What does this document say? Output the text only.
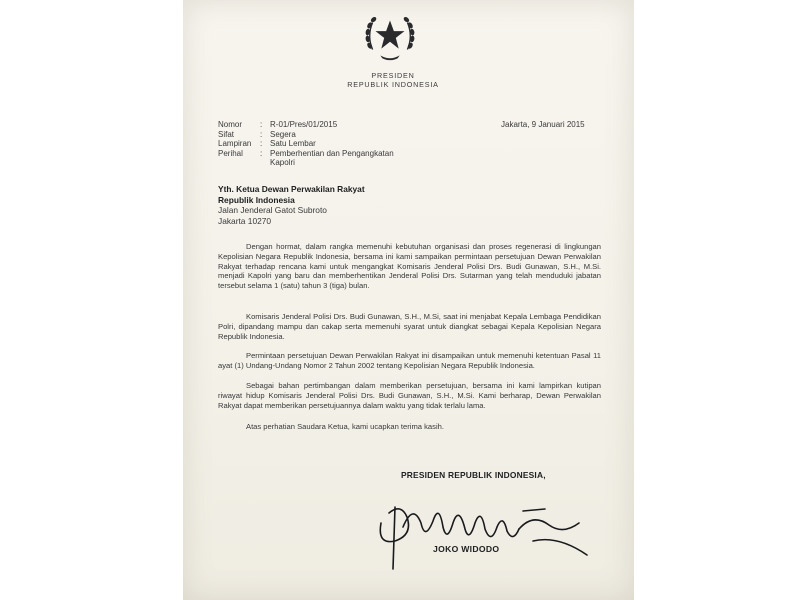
PRESIDEN
REPUBLIK INDONESIA
Jakarta, 9 Januari 2015
Nomor	: R-01/Pres/01/2015
Sifat	: Segera
Lampiran	: Satu Lembar
Perihal	: Pemberhentian dan Pengangkatan
Kapolri
Yth. Ketua Dewan Perwakilan Rakyat
Republik Indonesia
Jalan Jenderal Gatot Subroto
Jakarta 10270

Dengan hormat, dalam rangka memenuhi kebutuhan organisasi dan proses regenerasi di lingkungan Kepolisian Negara Republik Indonesia, bersama ini kami sampaikan permintaan persetujuan Dewan Perwakilan Rakyat terhadap rencana kami untuk mengangkat Komisaris Jenderal Polisi Drs. Budi Gunawan, S.H., M.Si. menjadi Kapolri yang baru dan memberhentikan Jenderal Polisi Drs. Sutarman yang telah menduduki jabatan tersebut selama 1 (satu) tahun 3 (tiga) bulan.

Komisaris Jenderal Polisi Drs. Budi Gunawan, S.H., M.Si, saat ini menjabat Kepala Lembaga Pendidikan Polri, dipandang mampu dan cakap serta memenuhi syarat untuk diangkat sebagai Kepala Kepolisian Negara Republik Indonesia.

Permintaan persetujuan Dewan Perwakilan Rakyat ini disampaikan untuk memenuhi ketentuan Pasal 11 ayat (1) Undang-Undang Nomor 2 Tahun 2002 tentang Kepolisian Negara Republik Indonesia.

Sebagai bahan pertimbangan dalam memberikan persetujuan, bersama ini kami lampirkan kutipan riwayat hidup Komisaris Jenderal Polisi Drs. Budi Gunawan, S.H., M.Si. Kami berharap, Dewan Perwakilan Rakyat dapat memberikan persetujuannya dalam waktu yang tidak terlalu lama.

Atas perhatian Saudara Ketua, kami ucapkan terima kasih.

PRESIDEN REPUBLIK INDONESIA,
JOKO WIDODO
